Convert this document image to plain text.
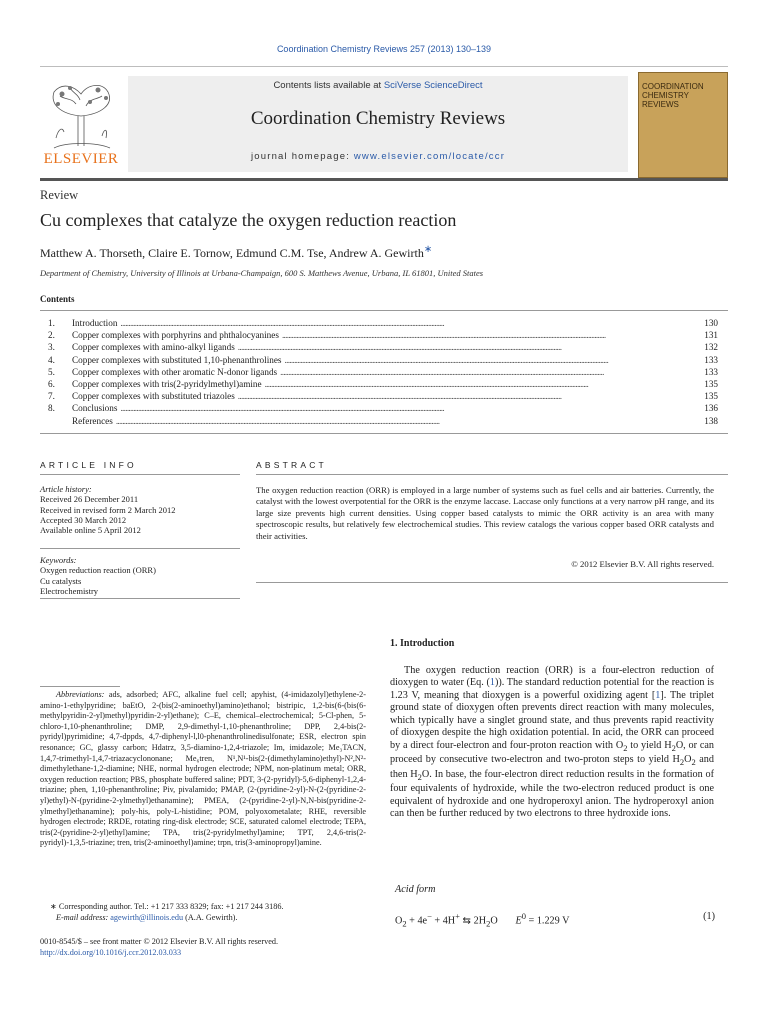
Coordination Chemistry Reviews 257 (2013) 130–139
ELSEVIER
Contents lists available at SciVerse ScienceDirect
Coordination Chemistry Reviews
journal homepage: www.elsevier.com/locate/ccr
COORDINATION CHEMISTRY REVIEWS
Review
Cu complexes that catalyze the oxygen reduction reaction
Matthew A. Thorseth, Claire E. Tornow, Edmund C.M. Tse, Andrew A. Gewirth∗
Department of Chemistry, University of Illinois at Urbana-Champaign, 600 S. Matthews Avenue, Urbana, IL 61801, United States
Contents
1.	Introduction . . .	130
2.	Copper complexes with porphyrins and phthalocyanines . . .	131
3.	Copper complexes with amino-alkyl ligands . . .	132
4.	Copper complexes with substituted 1,10-phenanthrolines . . .	133
5.	Copper complexes with other aromatic N-donor ligands . . .	133
6.	Copper complexes with tris(2-pyridylmethyl)amine . . .	135
7.	Copper complexes with substituted triazoles . . .	135
8.	Conclusions . . .	136
References . . .	138
ARTICLE INFO	ABSTRACT
Article history:
Received 26 December 2011
Received in revised form 2 March 2012
Accepted 30 March 2012
Available online 5 April 2012
Keywords:
Oxygen reduction reaction (ORR)
Cu catalysts
Electrochemistry
The oxygen reduction reaction (ORR) is employed in a large number of systems such as fuel cells and air batteries. Currently, the catalyst with the lowest overpotential for the ORR is the enzyme laccase. Laccase only functions at a very narrow pH range, and its large size prevents high current densities. Using copper based catalysts to mimic the ORR activity is an area with many spectroscopic results, but relatively few electrochemical studies. This review catalogs the various copper based ORR catalysts and their activities.
© 2012 Elsevier B.V. All rights reserved.
Abbreviations: ads, adsorbed; AFC, alkaline fuel cell; apyhist, (4-imidazolyl)ethylene-2-amino-1-ethylpyridine; baEtO, 2-(bis(2-aminoethyl)amino)ethanol; bistripic, 1,2-bis(6-(bis(6-methylpyridin-2-yl)methyl)pyridin-2-yl)ethane); C–E, chemical–electrochemical; 5-Cl-phen, 5-chloro-1,10-phenanthroline; DMP, 2,9-dimethyl-1,10-phenanthroline; DPP, 2,4-bis(2-pyridyl)pyrimidine; 4,7-dppds, 4,7-diphenyl-l,l0-phenanthrolinedisulfonate; ESR, electron spin resonance; GC, glassy carbon; Hdatrz, 3,5-diamino-1,2,4-triazole; Im, imidazole; Me₃TACN, 1,4,7-trimethyl-1,4,7-triazacyclononane; Me₆tren, N¹,N¹-bis(2-(dimethylamino)ethyl)-N²,N²-dimethylethane-1,2-diamine; NHE, normal hydrogen electrode; NPM, non-platinum metal; ORR, oxygen reduction reaction; PBS, phosphate buffered saline; PDT, 3-(2-pyridyl)-5,6-diphenyl-1,2,4-triazine; phen, 1,10-phenanthroline; Piv, pivalamido; PMAP, (2-(pyridine-2-yl)-N-(2-(pyridine-2-yl)ethyl)-N-(pyridine-2-ylmethyl)ethanamine); PMEA, (2-(pyridine-2-yl)-N,N-bis(pyridine-2-ylmethyl)ethanamine); poly-his, poly-L-histidine; POM, polyoxometalate; RHE, reversible hydrogen electrode; RRDE, rotating ring-disk electrode; SCE, saturated calomel electrode; TEPA, tris(2-(pyridine-2-yl)ethyl)amine; TPA, tris(2-pyridylmethyl)amine; TPT, 2,4,6-tris(2-pyridyl)-1,3,5-triazine; tren, tris(2-aminoethyl)amine; trpn, tris(3-aminopropyl)amine.
∗ Corresponding author. Tel.: +1 217 333 8329; fax: +1 217 244 3186.
E-mail address: agewirth@illinois.edu (A.A. Gewirth).
0010-8545/$ – see front matter © 2012 Elsevier B.V. All rights reserved.
http://dx.doi.org/10.1016/j.ccr.2012.03.033
1. Introduction
The oxygen reduction reaction (ORR) is a four-electron reduction of dioxygen to water (Eq. (1)). The standard reduction potential for the reaction is 1.23 V, meaning that dioxygen is a powerful oxidizing agent [1]. The triplet ground state of dioxygen often prevents direct reaction with many molecules, which typically have a singlet ground state, and thus prevents rapid reactivity of dioxygen despite the high oxidation potential. In acid, the ORR can proceed by a direct four-electron and four-proton reaction with $O_2$ to yield $H_2O$, or can proceed by consecutive two-electron and two-proton steps to yield $H_2O_2$ and then $H_2O$. In base, the four-electron direct reduction results in the formation of four equivalents of hydroxide, while the two-electron reduced product is one equivalent of hydroxide and one hydroperoxyl anion. The hydroperoxyl anion can then be further reduced by two electrons to three hydroxide ions.
Acid form
$O_2 + 4e^- + 4H^+$ ⇆ $2H_2O$       $E^0 = 1.229$ V	(1)
